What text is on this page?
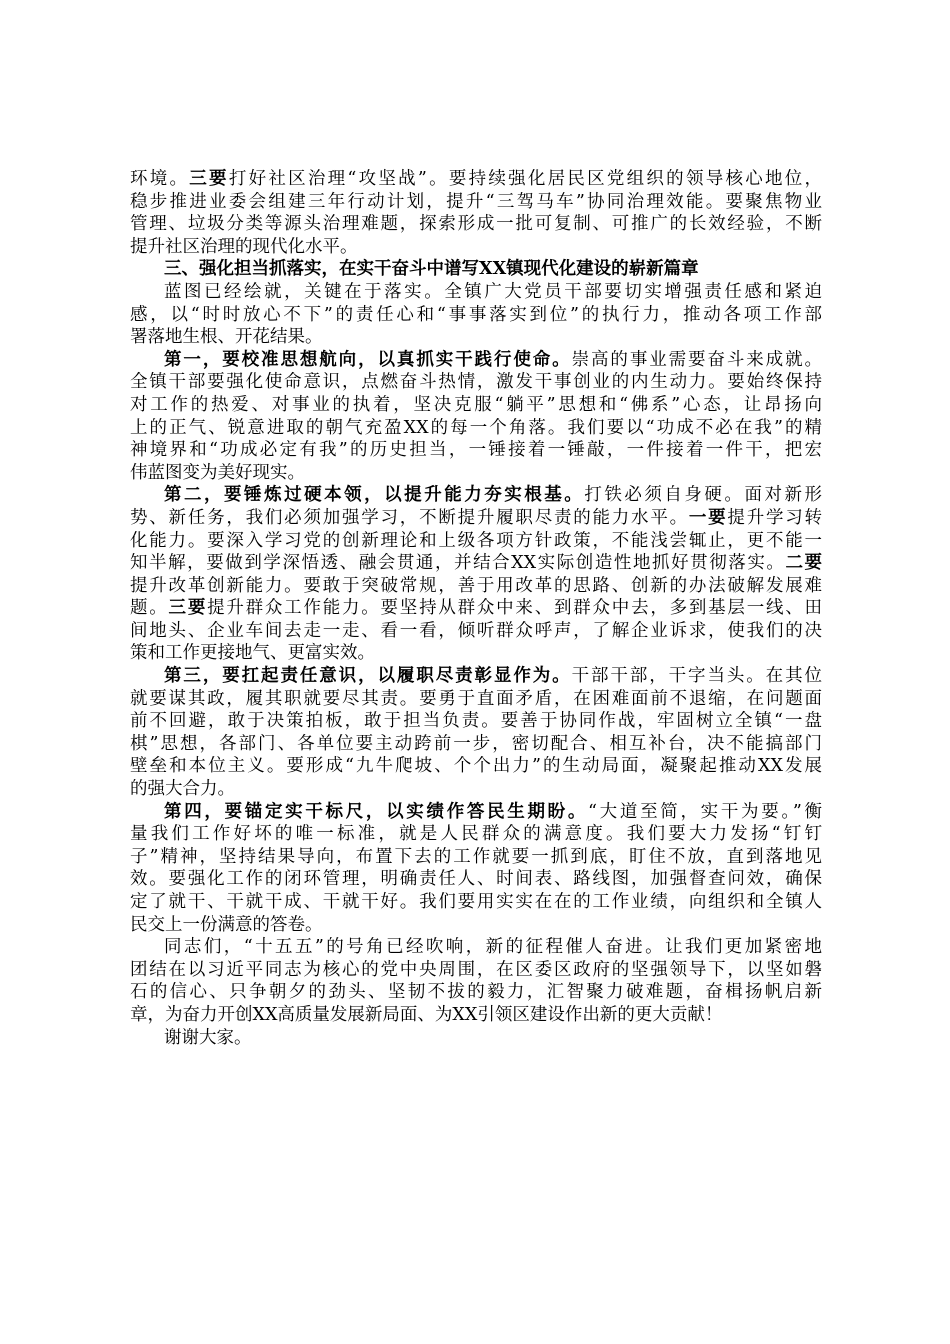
环境。三要打好社区治理“攻坚战”。要持续强化居民区党组织的领导核心地位，
稳步推进业委会组建三年行动计划，提升“三驾马车”协同治理效能。要聚焦物业
管理、垃圾分类等源头治理难题，探索形成一批可复制、可推广的长效经验，不断
提升社区治理的现代化水平。
三、强化担当抓落实，在实干奋斗中谱写XX镇现代化建设的崭新篇章
蓝图已经绘就，关键在于落实。全镇广大党员干部要切实增强责任感和紧迫
感，以“时时放心不下”的责任心和“事事落实到位”的执行力，推动各项工作部
署落地生根、开花结果。
第一，要校准思想航向，以真抓实干践行使命。崇高的事业需要奋斗来成就。
全镇干部要强化使命意识，点燃奋斗热情，激发干事创业的内生动力。要始终保持
对工作的热爱、对事业的执着，坚决克服“躺平”思想和“佛系”心态，让昂扬向
上的正气、锐意进取的朝气充盈XX的每一个角落。我们要以“功成不必在我”的精
神境界和“功成必定有我”的历史担当，一锤接着一锤敲，一件接着一件干，把宏
伟蓝图变为美好现实。
第二，要锤炼过硬本领，以提升能力夯实根基。打铁必须自身硬。面对新形
势、新任务，我们必须加强学习，不断提升履职尽责的能力水平。一要提升学习转
化能力。要深入学习党的创新理论和上级各项方针政策，不能浅尝辄止，更不能一
知半解，要做到学深悟透、融会贯通，并结合XX实际创造性地抓好贯彻落实。二要
提升改革创新能力。要敢于突破常规，善于用改革的思路、创新的办法破解发展难
题。三要提升群众工作能力。要坚持从群众中来、到群众中去，多到基层一线、田
间地头、企业车间去走一走、看一看，倾听群众呼声，了解企业诉求，使我们的决
策和工作更接地气、更富实效。
第三，要扛起责任意识，以履职尽责彰显作为。干部干部，干字当头。在其位
就要谋其政，履其职就要尽其责。要勇于直面矛盾，在困难面前不退缩，在问题面
前不回避，敢于决策拍板，敢于担当负责。要善于协同作战，牢固树立全镇“一盘
棋”思想，各部门、各单位要主动跨前一步，密切配合、相互补台，决不能搞部门
壁垒和本位主义。要形成“九牛爬坡、个个出力”的生动局面，凝聚起推动XX发展
的强大合力。
第四，要锚定实干标尺，以实绩作答民生期盼。“大道至简，实干为要。”衡
量我们工作好坏的唯一标准，就是人民群众的满意度。我们要大力发扬“钉钉
子”精神，坚持结果导向，布置下去的工作就要一抓到底，盯住不放，直到落地见
效。要强化工作的闭环管理，明确责任人、时间表、路线图，加强督查问效，确保
定了就干、干就干成、干就干好。我们要用实实在在的工作业绩，向组织和全镇人
民交上一份满意的答卷。
同志们，“十五五”的号角已经吹响，新的征程催人奋进。让我们更加紧密地
团结在以习近平同志为核心的党中央周围，在区委区政府的坚强领导下，以坚如磐
石的信心、只争朝夕的劲头、坚韧不拔的毅力，汇智聚力破难题，奋楫扬帆启新
章，为奋力开创XX高质量发展新局面、为XX引领区建设作出新的更大贡献！
谢谢大家。
